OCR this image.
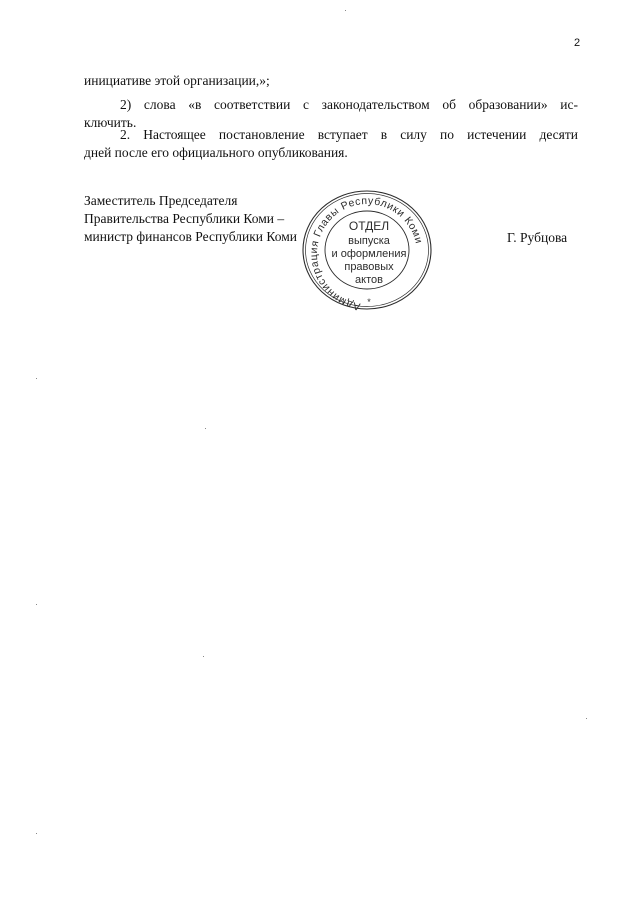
2

инициативе этой организации,»;

2) слова «в соответствии с законодательством об образовании» ис-

ключить.

2. Настоящее постановление вступает в силу по истечении десяти

дней после его официального опубликования.

Заместитель Председателя
Правительства Республики Коми –
министр финансов Республики Коми	Г. Рубцова
Администрация Главы Республики Коми
ОТДЕЛ
выпуска
и оформления
правовых
актов
*
